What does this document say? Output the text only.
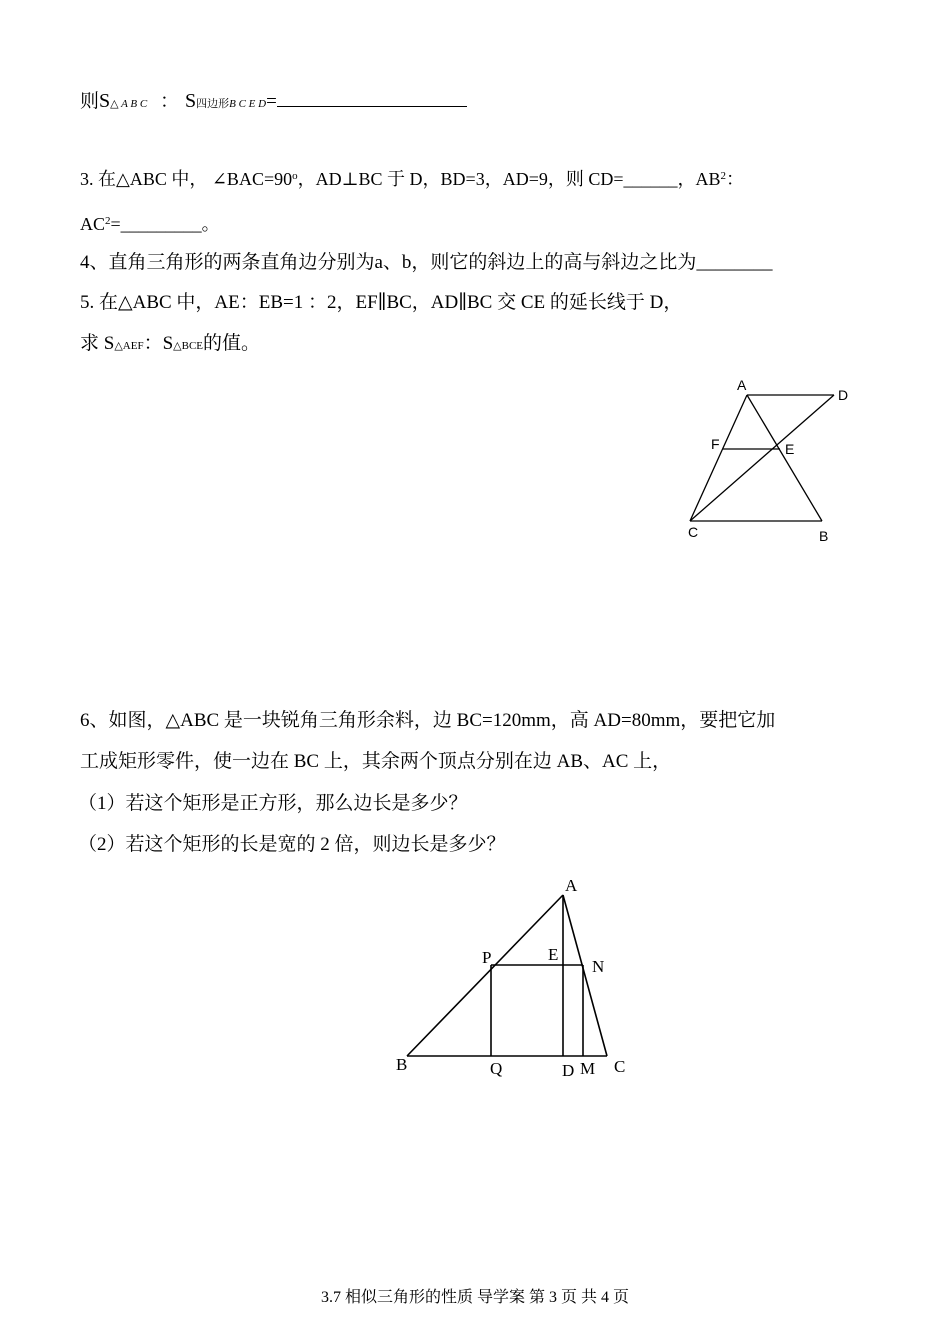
则S△ A B C ： S四边形B C E D=
3. 在△ABC 中， $\angle BAC=90^o$，AD⊥BC 于 D，BD=3，AD=9，则 CD=______，$AB^2$：
$AC^2=\_\_\_\_\_\_\_\_\_$。
4、直角三角形的两条直角边分别为a、b，则它的斜边上的高与斜边之比为________
5. 在△ABC 中，AE：EB=1 ：2，EF∥BC，AD∥BC 交 CE 的延长线于 D，
求 S△AEF：S△BCE的值。
A
D
F	E
C	B
6、如图，△ABC 是一块锐角三角形余料，边 BC=120mm，高 AD=80mm，要把它加
工成矩形零件，使一边在 BC 上，其余两个顶点分别在边 AB、AC 上，
（1）若这个矩形是正方形，那么边长是多少？
（2）若这个矩形的长是宽的 2 倍，则边长是多少？
A
P	E
N
B	Q	D M C
3.7 相似三角形的性质 导学案 第 3 页 共 4 页
